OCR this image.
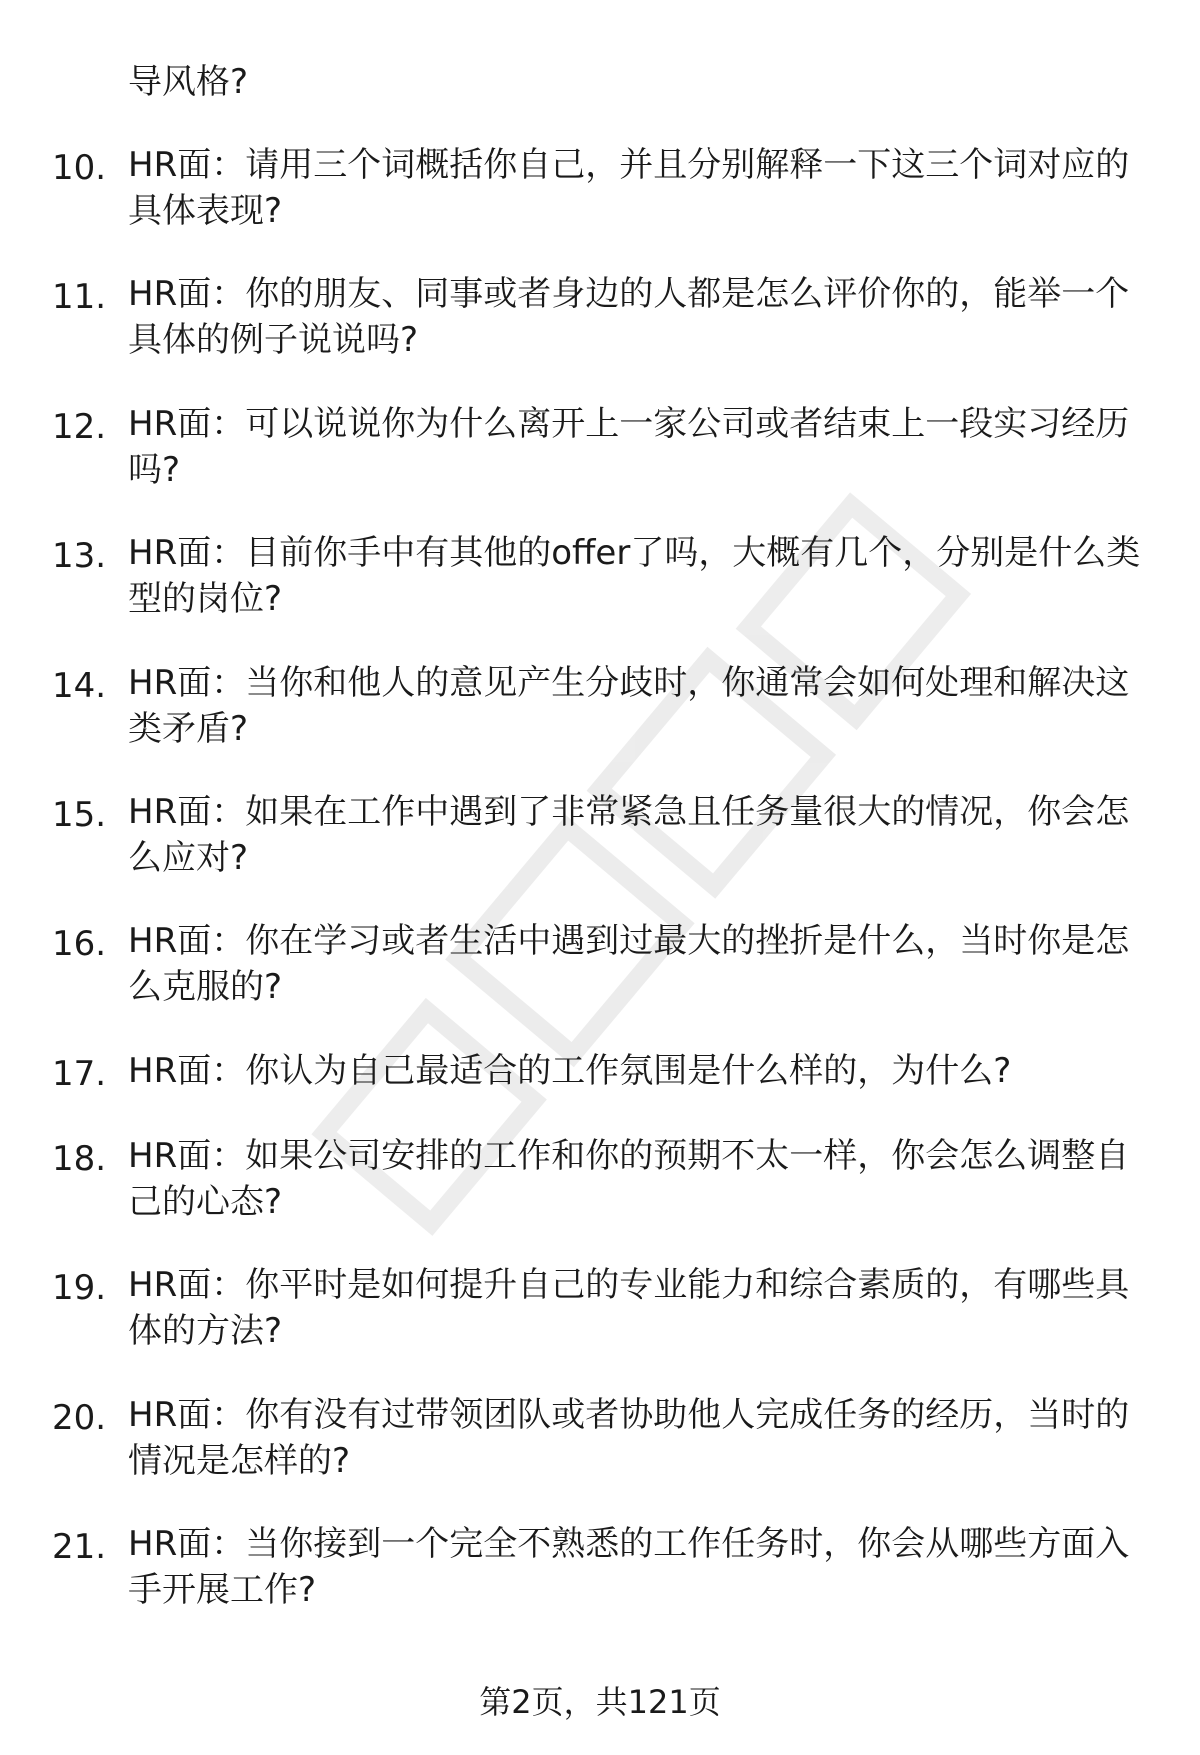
导风格?

10. HR面：请用三个词概括你自己，并且分别解释一下这三个词对应的具体表现?

11. HR面：你的朋友、同事或者身边的人都是怎么评价你的，能举一个具体的例子说说吗?

12. HR面：可以说说你为什么离开上一家公司或者结束上一段实习经历吗?

13. HR面：目前你手中有其他的offer了吗，大概有几个，分别是什么类型的岗位?

14. HR面：当你和他人的意见产生分歧时，你通常会如何处理和解决这类矛盾?

15. HR面：如果在工作中遇到了非常紧急且任务量很大的情况，你会怎么应对?

16. HR面：你在学习或者生活中遇到过最大的挫折是什么，当时你是怎么克服的?

17. HR面：你认为自己最适合的工作氛围是什么样的，为什么?

18. HR面：如果公司安排的工作和你的预期不太一样，你会怎么调整自己的心态?

19. HR面：你平时是如何提升自己的专业能力和综合素质的，有哪些具体的方法?

20. HR面：你有没有过带领团队或者协助他人完成任务的经历，当时的情况是怎样的?

21. HR面：当你接到一个完全不熟悉的工作任务时，你会从哪些方面入手开展工作?

第2页，共121页
